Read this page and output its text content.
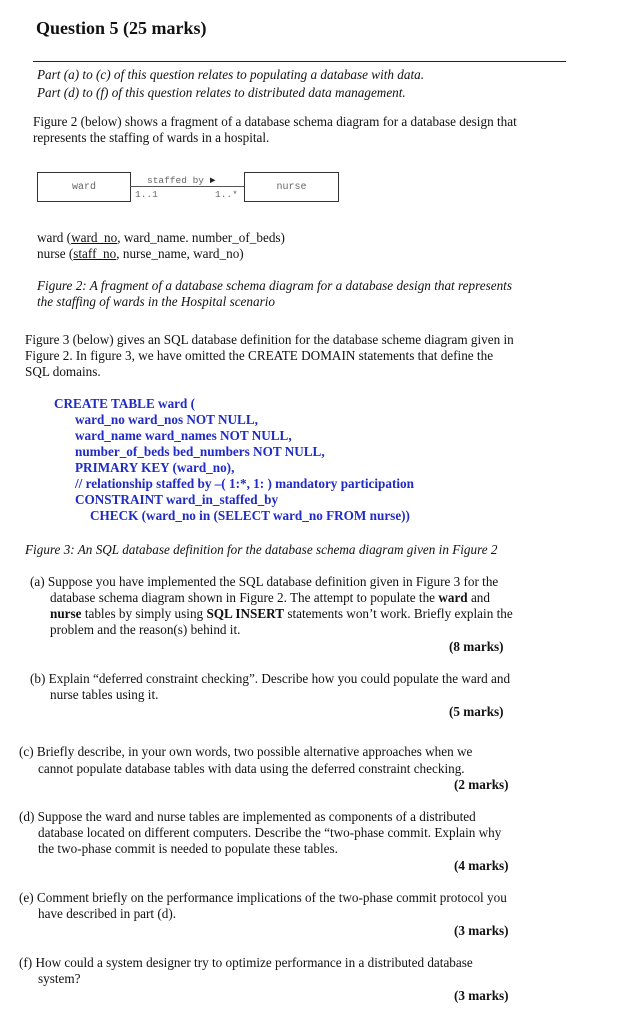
Question 5 (25 marks)
Part (a) to (c) of this question relates to populating a database with data.
Part (d) to (f) of this question relates to distributed data management.
Figure 2 (below) shows a fragment of a database schema diagram for a database design that
represents the staffing of wards in a hospital.
ward	nurse
staffed by ►
1..1	1..*
ward (ward_no, ward_name. number_of_beds)
nurse (staff_no, nurse_name, ward_no)
Figure 2: A fragment of a database schema diagram for a database design that represents
the staffing of wards in the Hospital scenario
Figure 3 (below) gives an SQL database definition for the database scheme diagram given in
Figure 2. In figure 3, we have omitted the CREATE DOMAIN statements that define the
SQL domains.
CREATE TABLE ward (
ward_no ward_nos NOT NULL,
ward_name ward_names NOT NULL,
number_of_beds bed_numbers NOT NULL,
PRIMARY KEY (ward_no),
// relationship staffed by –( 1:*, 1: ) mandatory participation
CONSTRAINT ward_in_staffed_by
CHECK (ward_no in (SELECT ward_no FROM nurse))
Figure 3: An SQL database definition for the database schema diagram given in Figure 2
(a) Suppose you have implemented the SQL database definition given in Figure 3 for the
database schema diagram shown in Figure 2. The attempt to populate the ward and
nurse tables by simply using SQL INSERT statements won’t work. Briefly explain the
problem and the reason(s) behind it.
(8 marks)
(b) Explain “deferred constraint checking”. Describe how you could populate the ward and
nurse tables using it.
(5 marks)
(c) Briefly describe, in your own words, two possible alternative approaches when we
cannot populate database tables with data using the deferred constraint checking.
(2 marks)
(d) Suppose the ward and nurse tables are implemented as components of a distributed
database located on different computers. Describe the “two-phase commit. Explain why
the two-phase commit is needed to populate these tables.
(4 marks)
(e) Comment briefly on the performance implications of the two-phase commit protocol you
have described in part (d).
(3 marks)
(f) How could a system designer try to optimize performance in a distributed database
system?
(3 marks)
